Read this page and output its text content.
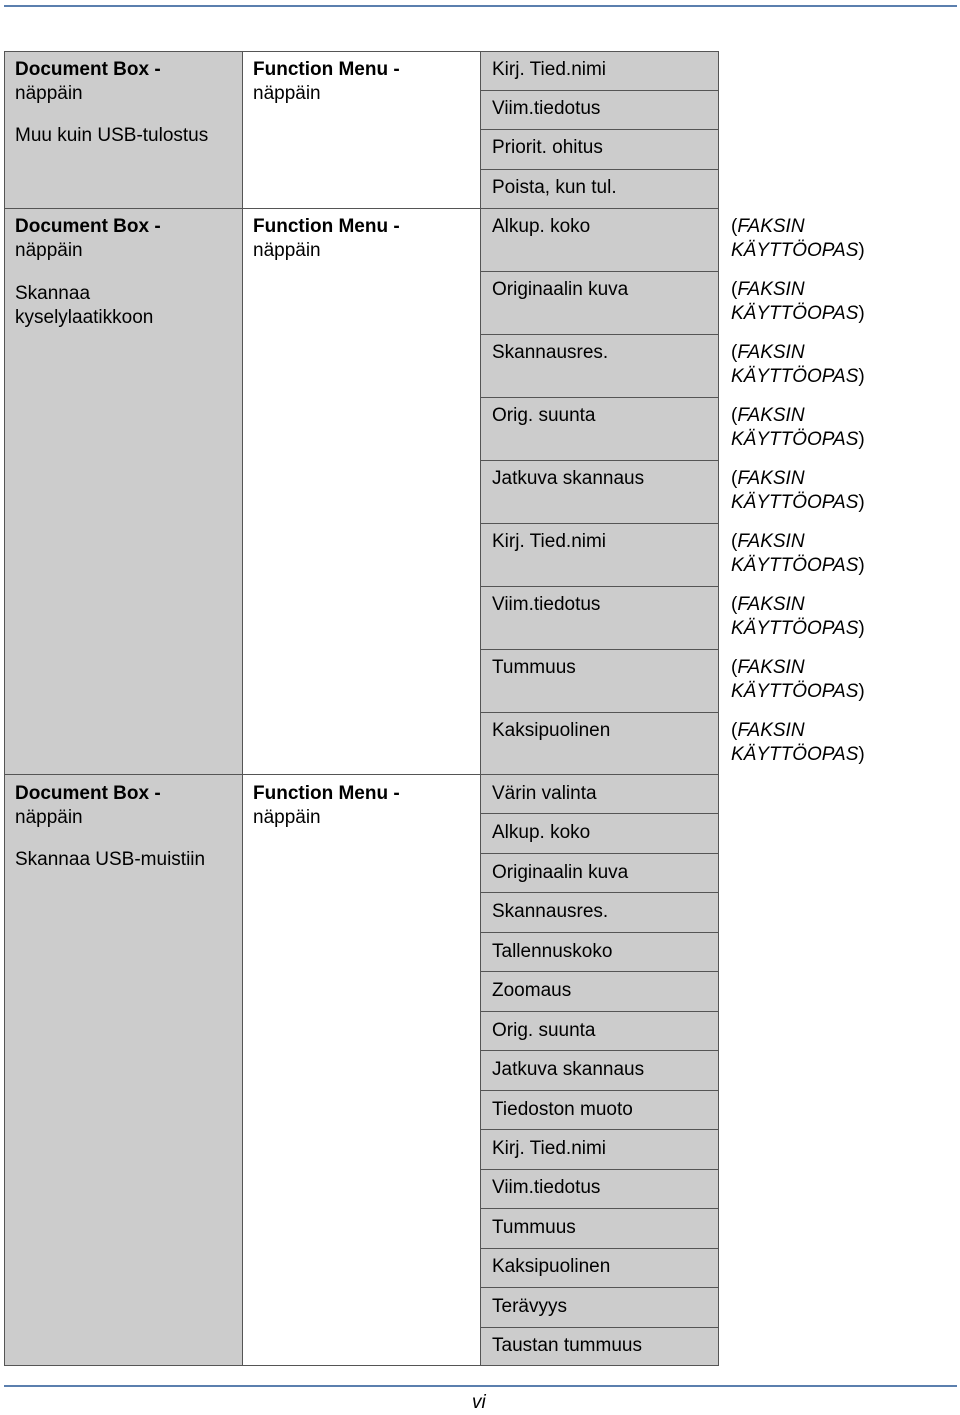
Document Box -
näppäin
Muu kuin USB-tulostus
Function Menu -
näppäin
Kirj. Tied.nimi
Viim.tiedotus
Priorit. ohitus
Poista, kun tul.
Document Box -
näppäin
Skannaa
kyselylaatikkoon
Function Menu -
näppäin
Alkup. koko
Originaalin kuva
Skannausres.
Orig. suunta
Jatkuva skannaus
Kirj. Tied.nimi
Viim.tiedotus
Tummuus
Kaksipuolinen
(FAKSIN
KÄYTTÖOPAS)
(FAKSIN
KÄYTTÖOPAS)
(FAKSIN
KÄYTTÖOPAS)
(FAKSIN
KÄYTTÖOPAS)
(FAKSIN
KÄYTTÖOPAS)
(FAKSIN
KÄYTTÖOPAS)
(FAKSIN
KÄYTTÖOPAS)
(FAKSIN
KÄYTTÖOPAS)
(FAKSIN
KÄYTTÖOPAS)
Document Box -
näppäin
Skannaa USB-muistiin
Function Menu -
näppäin
Värin valinta
Alkup. koko
Originaalin kuva
Skannausres.
Tallennuskoko
Zoomaus
Orig. suunta
Jatkuva skannaus
Tiedoston muoto
Kirj. Tied.nimi
Viim.tiedotus
Tummuus
Kaksipuolinen
Terävyys
Taustan tummuus
vi
